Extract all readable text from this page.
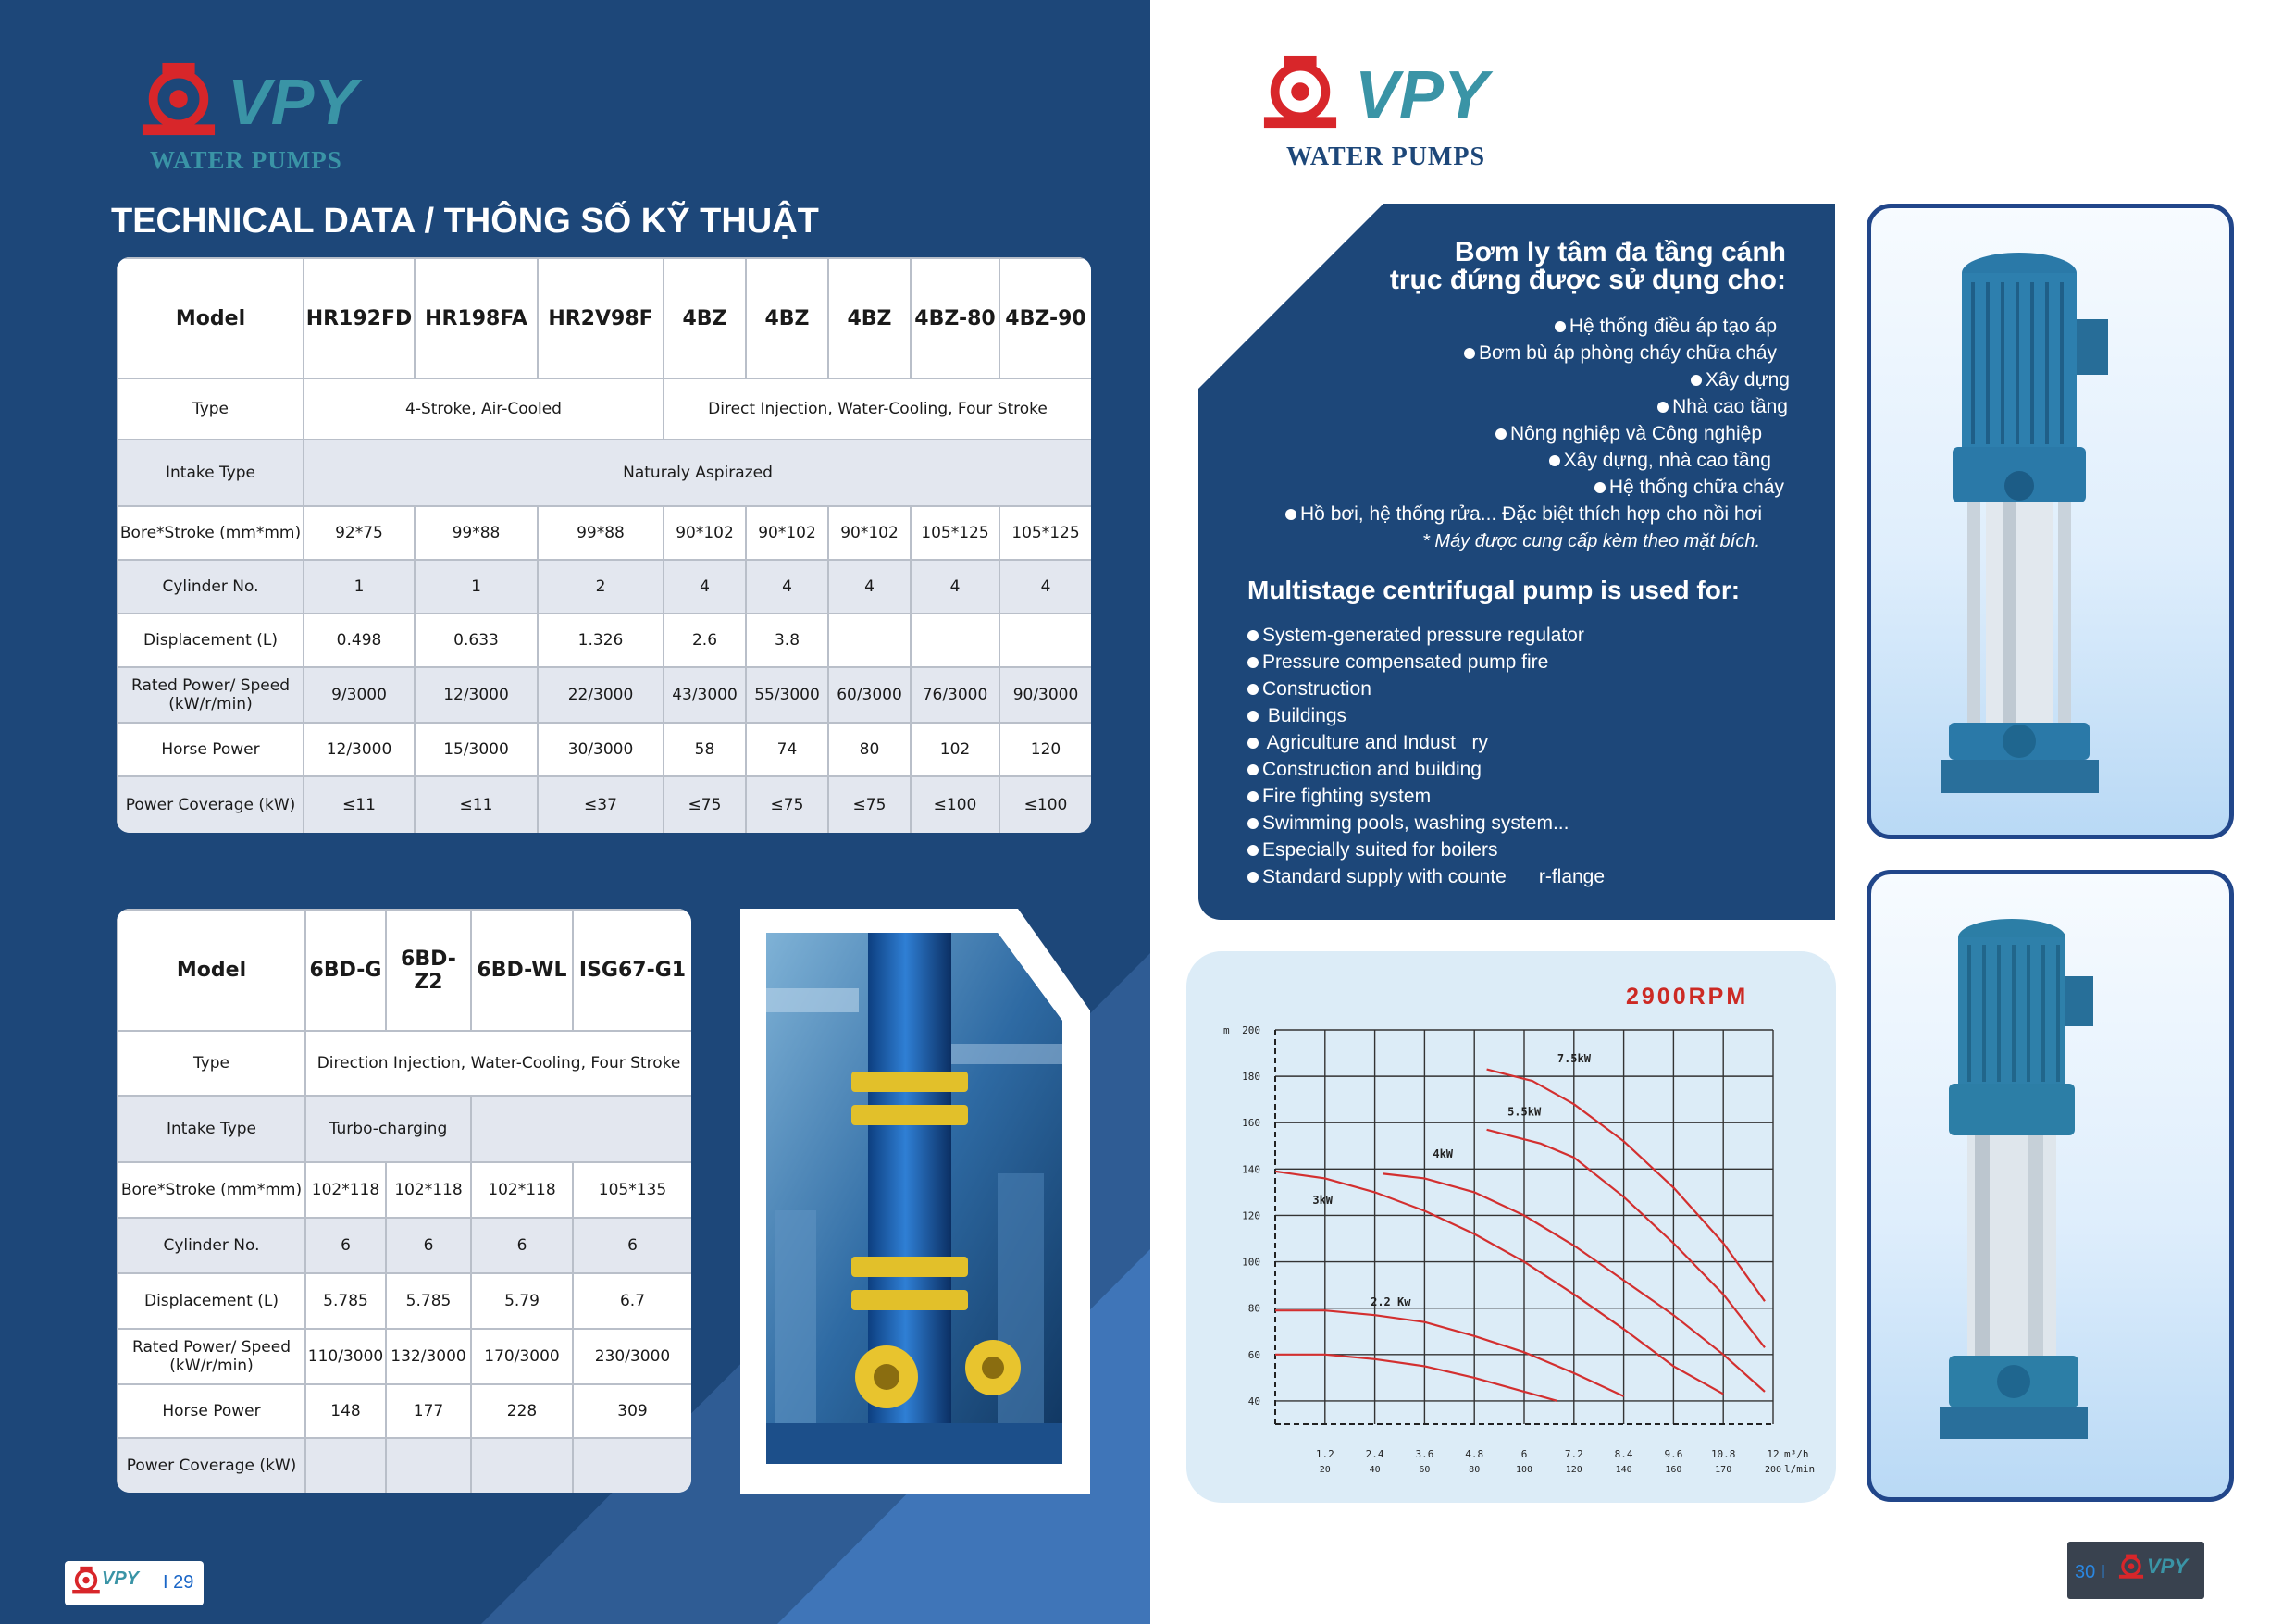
VPY
WATER PUMPS
TECHNICAL DATA / THÔNG SỐ KỸ THUẬT
Model	HR192FD	HR198FA	HR2V98F	4BZ	4BZ	4BZ	4BZ-80	4BZ-90
Type	4-Stroke, Air-Cooled			Direct Injection, Water-Cooling, Four Stroke				
Intake Type	Naturaly Aspirazed							
Bore*Stroke (mm*mm)	92*75	99*88	99*88	90*102	90*102	90*102	105*125	105*125
Cylinder No.	1	1	2	4	4	4	4	4
Displacement (L)	0.498	0.633	1.326	2.6	3.8			
Rated Power/ Speed (kW/r/min)	9/3000	12/3000	22/3000	43/3000	55/3000	60/3000	76/3000	90/3000
Horse Power	12/3000	15/3000	30/3000	58	74	80	102	120
Power Coverage (kW)	≤11	≤11	≤37	≤75	≤75	≤75	≤100	≤100
Model	6BD-G	6BD-Z2	6BD-WL	ISG67-G1
Type	Direction Injection, Water-Cooling, Four Stroke			
Intake Type	Turbo-charging			
Bore*Stroke (mm*mm)	102*118	102*118	102*118	105*135
Cylinder No.	6	6	6	6
Displacement (L)	5.785	5.785	5.79	6.7
Rated Power/ Speed (kW/r/min)	110/3000	132/3000	170/3000	230/3000
Horse Power	148	177	228	309
Power Coverage (kW)				
VPY I 29
VPY
WATER PUMPS
Bơm ly tâm đa tầng cánh
trục đứng được sử dụng cho:
Hệ thống điều áp tạo áp
Bơm bù áp phòng cháy chữa cháy
Xây dựng
Nhà cao tầng
Nông nghiệp và Công nghiệp
Xây dựng, nhà cao tầng
Hệ thống chữa cháy
Hồ bơi, hệ thống rửa... Đặc biệt thích hợp cho nồi hơi
* Máy được cung cấp kèm theo mặt bích.
Multistage centrifugal pump is used for:
System-generated pressure regulator
Pressure compensated pump fire
Construction
Buildings
Agriculture and Indust   ry
Construction and building
Fire fighting system
Swimming pools, washing system...
Especially suited for boilers
Standard supply with counte      r-flange
2900RPM
200
180
160
140
120
100
80
60
40
m
1.2
20
2.4
40
3.6
60
4.8
80
6
100
7.2
120
8.4
140
9.6
160
10.8
170
12
200
m³/h
l/min
7.5kW
5.5kW
4kW
3kW
2.2 Kw
30 I VPY
